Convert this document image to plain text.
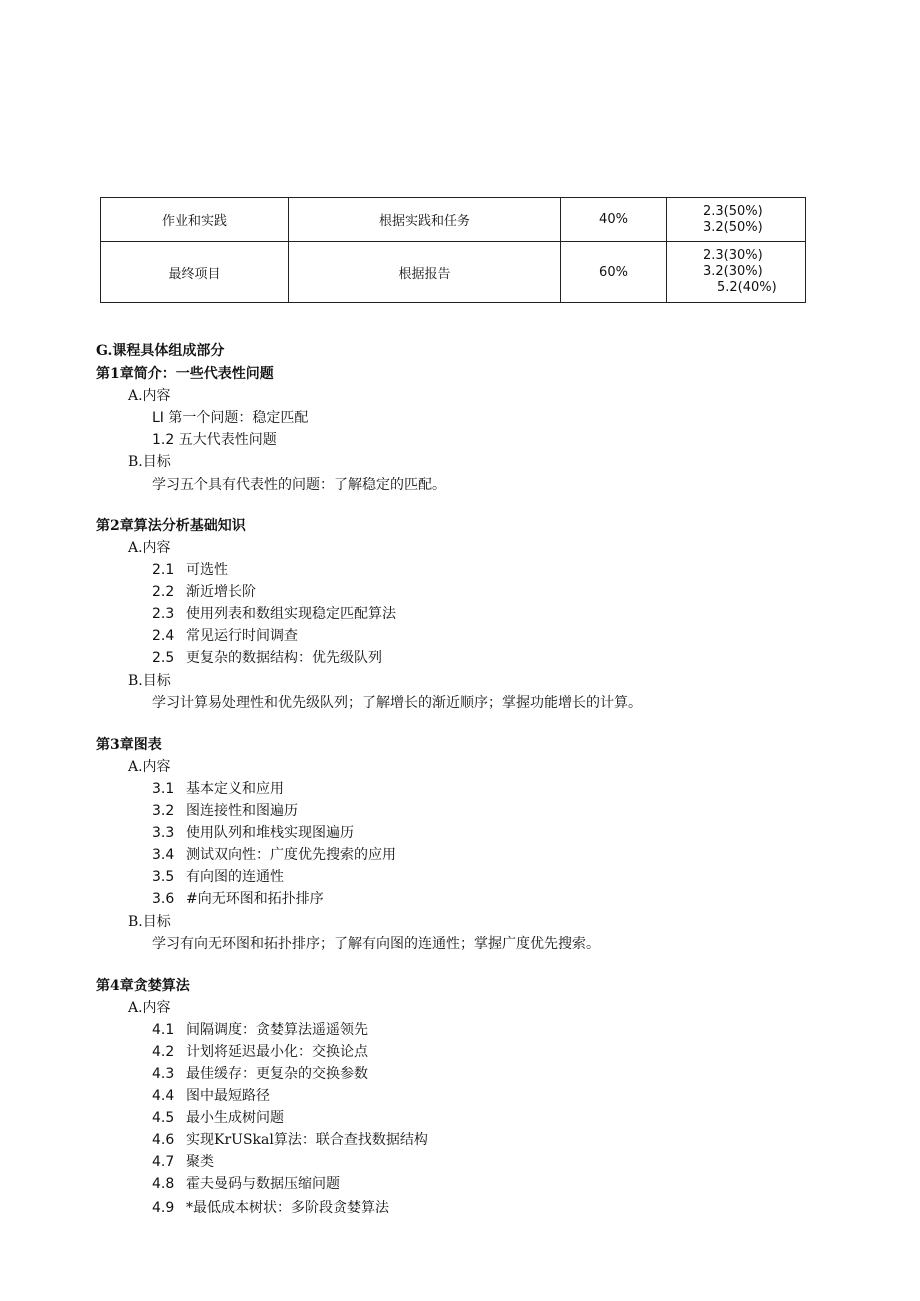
作业和实践	根据实践和任务	40%	2.3(50%)
3.2(50%)

最终项目	根据报告	60%	2.3(30%)
3.2(30%)
5.2(40%)
G.课程具体组成部分
第1章简介：一些代表性问题
A.内容
LI 第一个问题：稳定匹配
1.2 五大代表性问题
B.目标
学习五个具有代表性的问题：了解稳定的匹配。
第2章算法分析基础知识
A.内容
2.1 可选性
2.2 渐近增长阶
2.3 使用列表和数组实现稳定匹配算法
2.4 常见运行时间调查
2.5 更复杂的数据结构：优先级队列
B.目标
学习计算易处理性和优先级队列；了解增长的渐近顺序；掌握功能增长的计算。
第3章图表
A.内容
3.1 基本定义和应用
3.2 图连接性和图遍历
3.3 使用队列和堆栈实现图遍历
3.4 测试双向性：广度优先搜索的应用
3.5 有向图的连通性
3.6 #向无环图和拓扑排序
B.目标
学习有向无环图和拓扑排序；了解有向图的连通性；掌握广度优先搜索。
第4章贪婪算法
A.内容
4.1 间隔调度：贪婪算法遥遥领先
4.2 计划将延迟最小化：交换论点
4.3 最佳缓存：更复杂的交换参数
4.4 图中最短路径
4.5 最小生成树问题
4.6 实现KrUSkal算法：联合查找数据结构
4.7 聚类
4.8 霍夫曼码与数据压缩问题
4.9 *最低成本树状：多阶段贪婪算法
